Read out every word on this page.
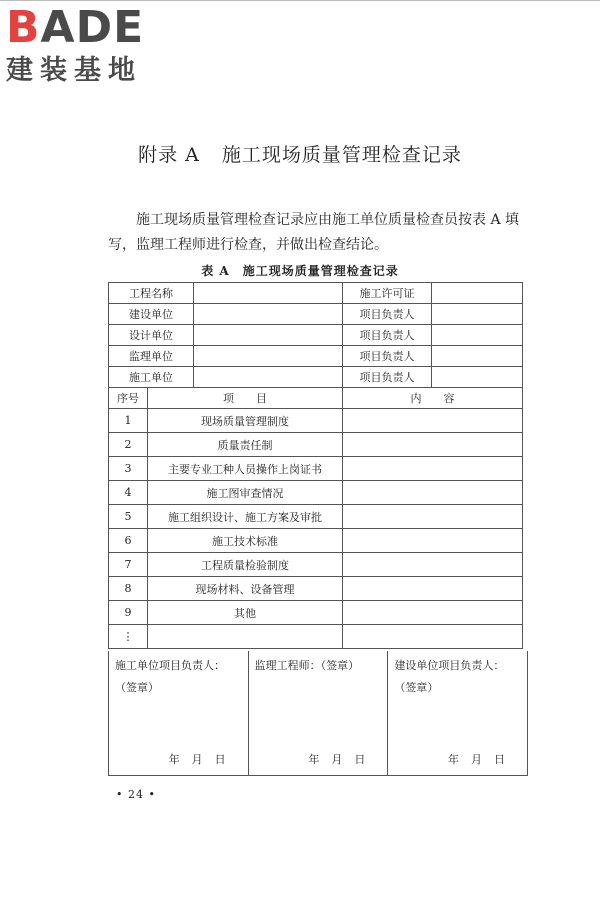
BADE
建装基地
附录 A 施工现场质量管理检查记录
施工现场质量管理检查记录应由施工单位质量检查员按表 A 填写，监理工程师进行检查，并做出检查结论。
表 A　施工现场质量管理检查记录
工程名称			施工许可证	
建设单位			项目负责人	
设计单位			项目负责人	
监理单位			项目负责人	
施工单位			项目负责人	
序号	项　　目		内　　容	
1	现场质量管理制度			
2	质量责任制			
3	主要专业工种人员操作上岗证书			
4	施工图审查情况			
5	施工组织设计、施工方案及审批			
6	施工技术标准			
7	工程质量检验制度			
8	现场材料、设备管理			
9	其他			
⋮				
施工单位项目负责人：
（签章）
年月日
监理工程师：（签章）
年月日
建设单位项目负责人：
（签章）
年月日
• 24 •
